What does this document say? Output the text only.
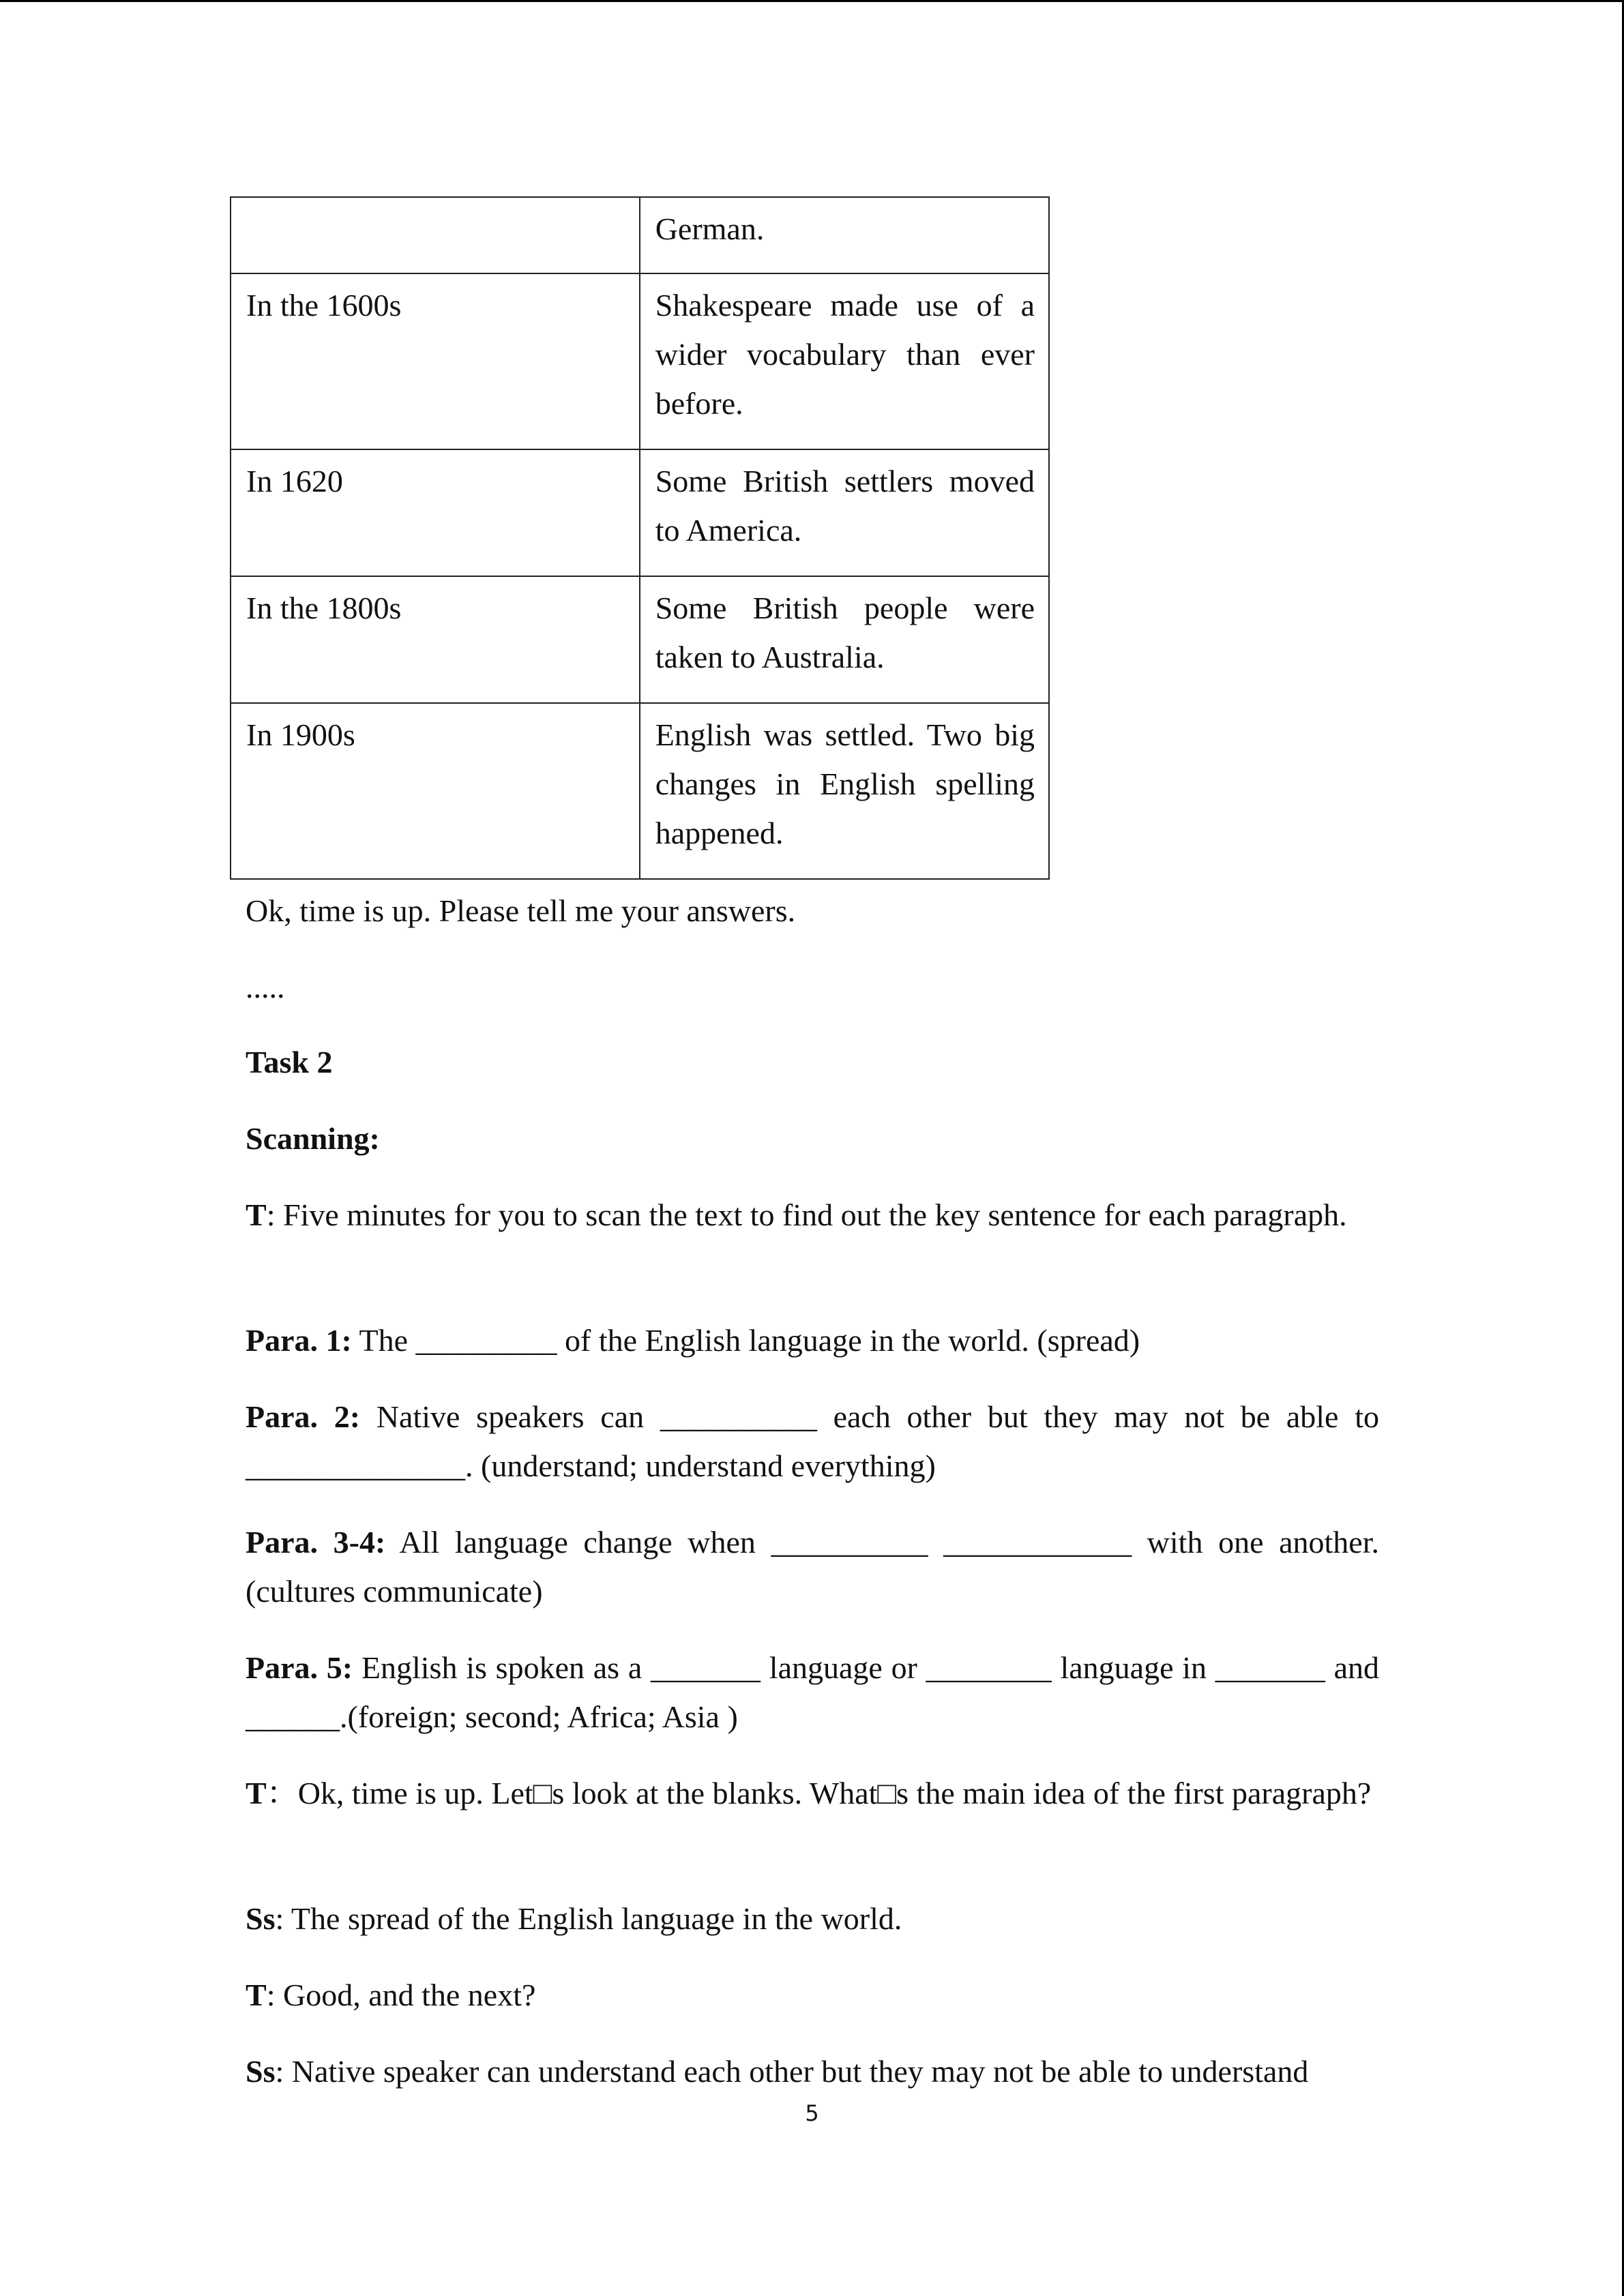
	German.
In the 1600s	Shakespeare made use of a wider vocabulary than ever before.
In 1620	Some British settlers moved to America.
In the 1800s	Some British people were taken to Australia.
In 1900s	English was settled. Two big changes in English spelling happened.

Ok, time is up. Please tell me your answers.

.....

Task 2

Scanning:

T: Five minutes for you to scan the text to find out the key sentence for each paragraph.

Para. 1: The _________ of the English language in the world. (spread)

Para. 2: Native speakers can __________ each other but they may not be able to ______________. (understand; understand everything)

Para. 3-4: All language change when __________ ____________ with one another.(cultures communicate)

Para. 5: English is spoken as a _______ language or ________ language in _______ and ______.(foreign; second; Africa; Asia )

T：Ok, time is up. Let□s look at the blanks. What□s the main idea of the first paragraph?

Ss: The spread of the English language in the world.

T: Good, and the next?

Ss: Native speaker can understand each other but they may not be able to understand

5
